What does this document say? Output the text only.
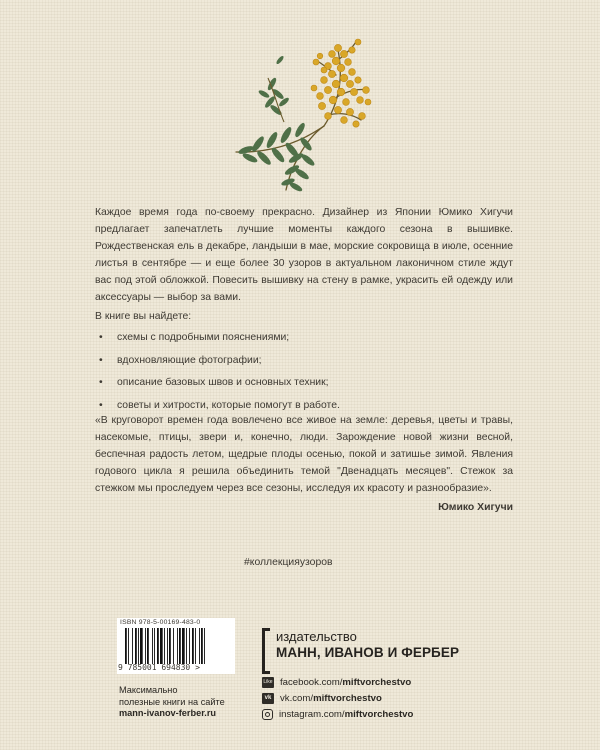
Каждое время года по-своему прекрасно. Дизайнер из Японии Юмико Хигучи предлагает запечатлеть лучшие моменты каждого сезона в вышивке. Рождественская ель в декабре, ландыши в мае, морские сокровища в июле, осенние листья в сентябре — и еще более 30 узоров в актуальном лаконичном стиле ждут вас под этой обложкой. Повесить вышивку на стену в рамке, украсить ей одежду или аксессуары — выбор за вами.
В книге вы найдете:
• схемы с подробными пояснениями;
• вдохновляющие фотографии;
• описание базовых швов и основных техник;
• советы и хитрости, которые помогут в работе.
«В круговорот времен года вовлечено все живое на земле: деревья, цветы и травы, насекомые, птицы, звери и, конечно, люди. Зарождение новой жизни весной, беспечная радость летом, щедрые плоды осенью, покой и затишье зимой. Явления годового цикла я решила объединить темой "Двенадцать месяцев". Стежок за стежком мы проследуем через все сезоны, исследуя их красоту и разнообразие».
Юмико Хигучи
#коллекцияузоров
ISBN 978-5-00169-483-0
9 785001 694830 >
Максимально
полезные книги на сайте
mann-ivanov-ferber.ru
издательство
МАНН, ИВАНОВ И ФЕРБЕР
Like facebook.com/ miftvorchestvo
vk vk.com/ miftvorchestvo
instagram.com/ miftvorchestvo
